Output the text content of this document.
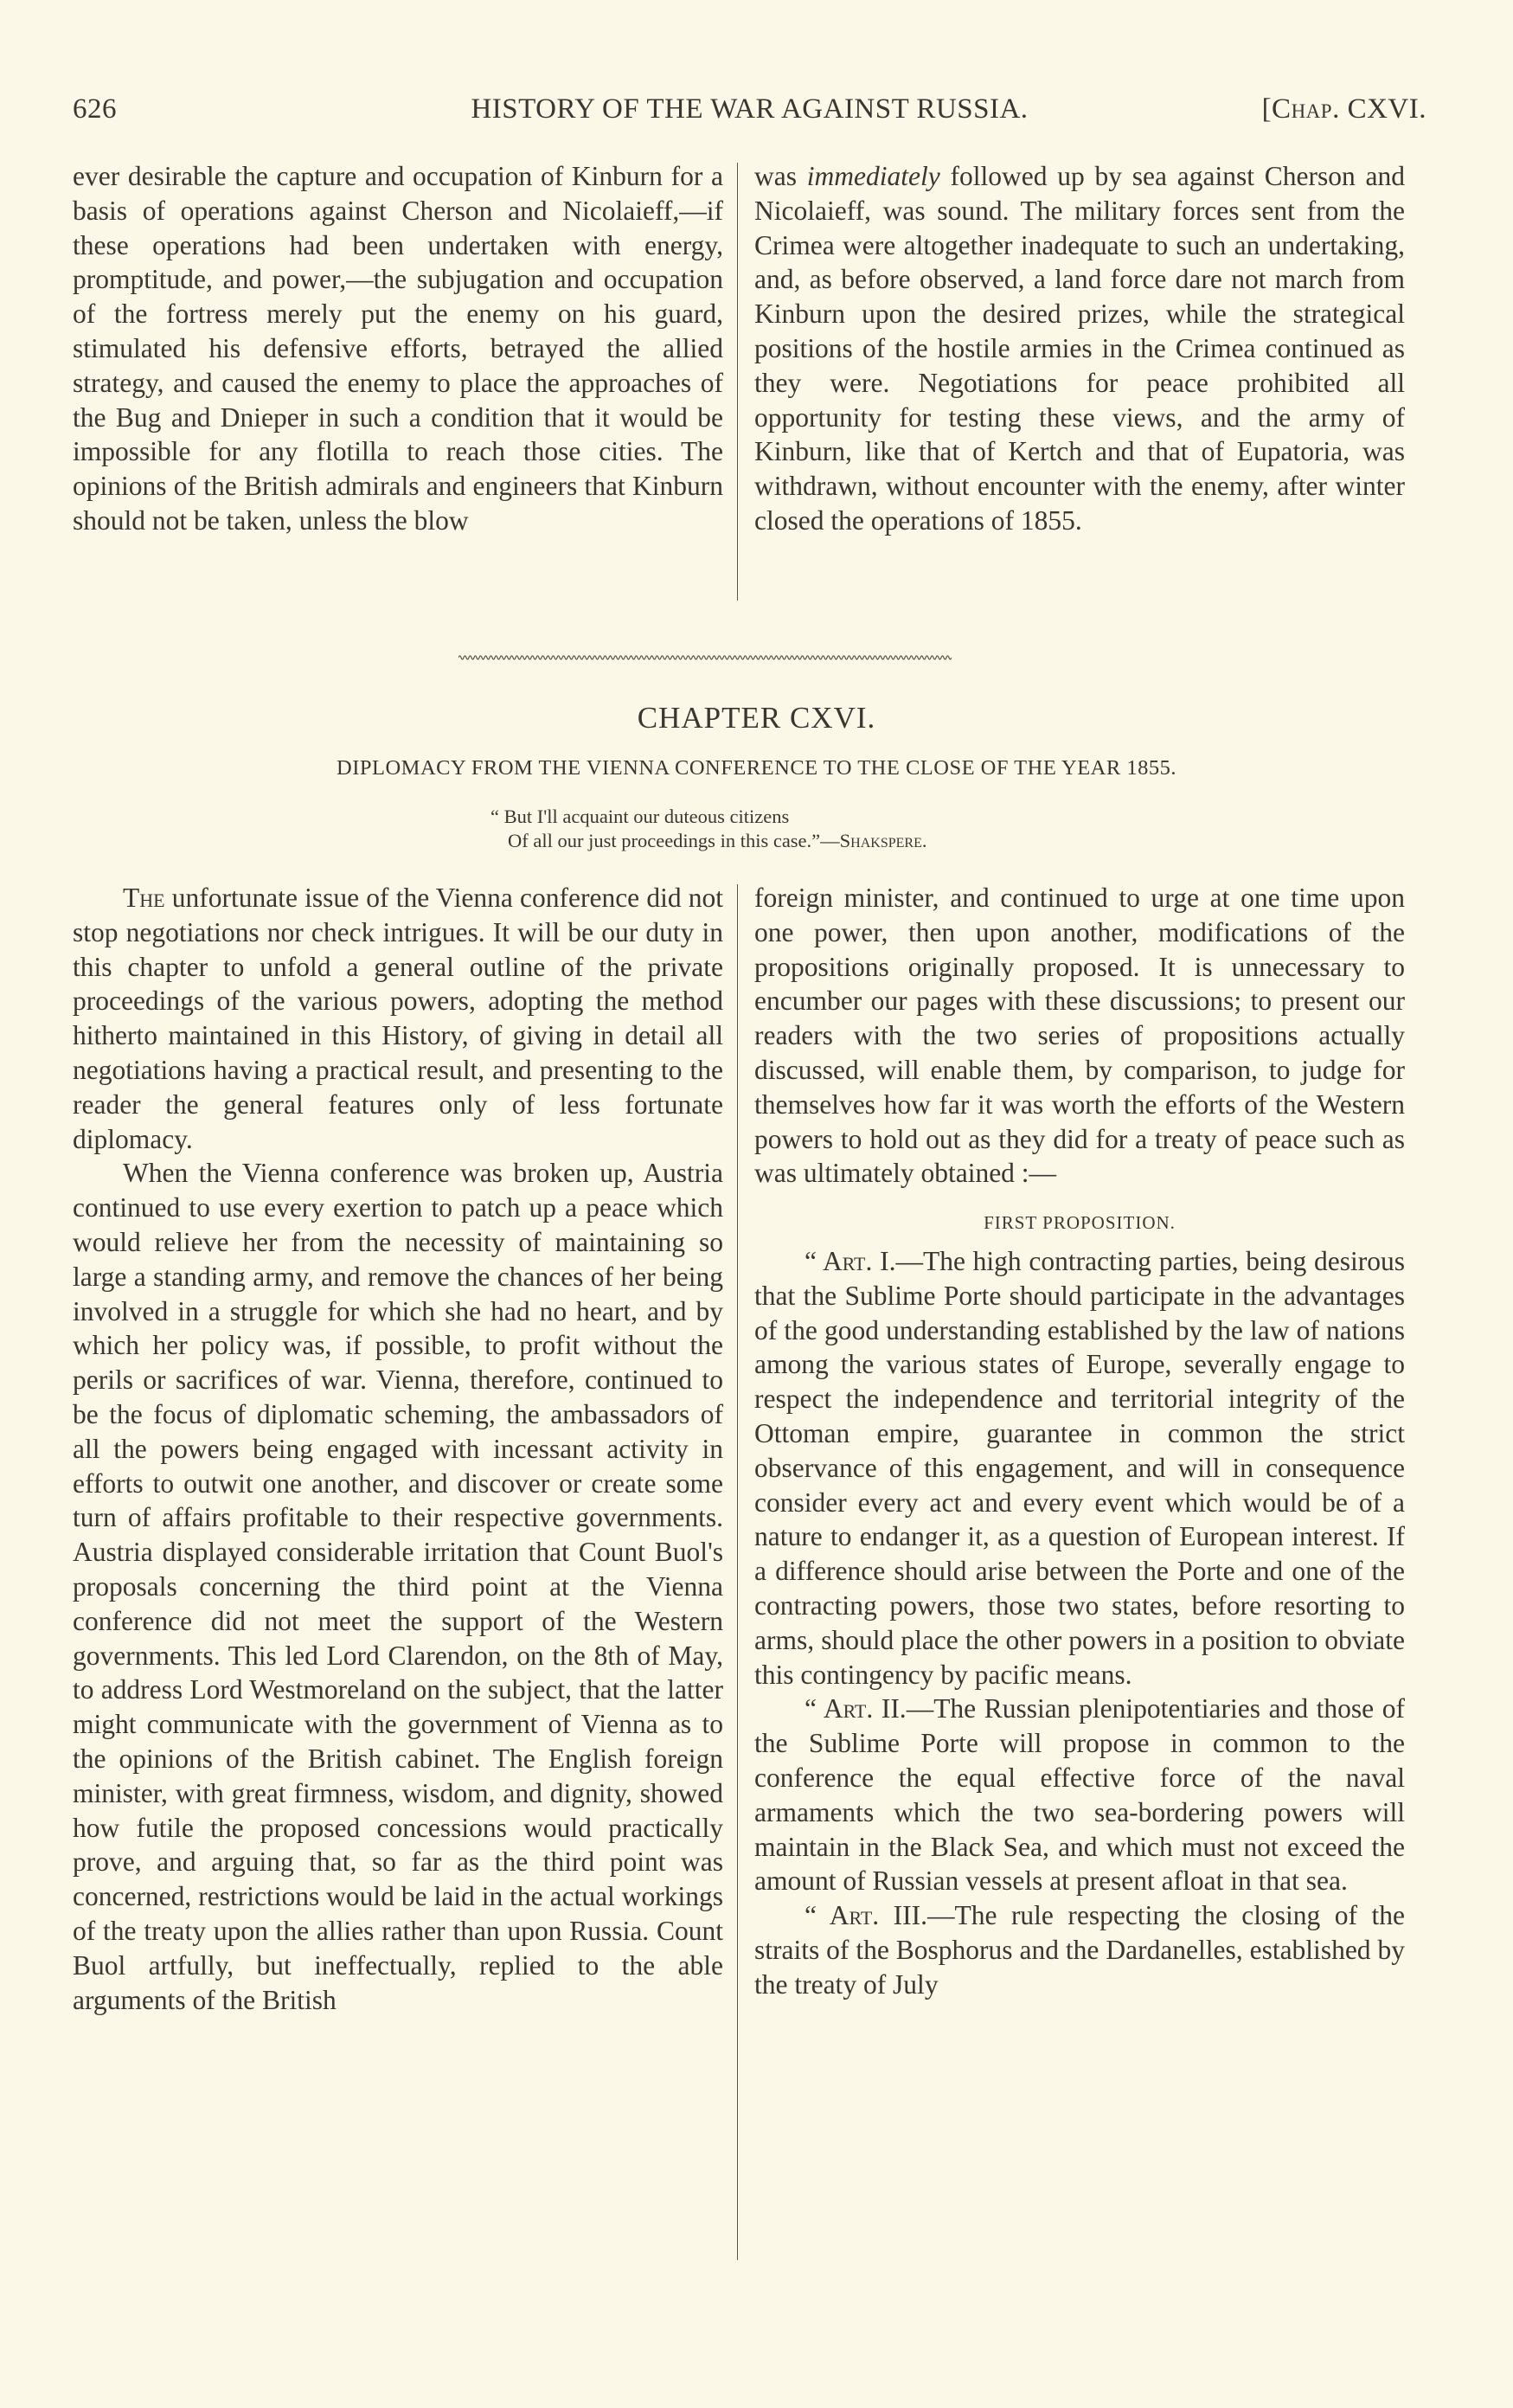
626	HISTORY OF THE WAR AGAINST RUSSIA.	[Chap. CXVI.

ever desirable the capture and occupation of Kinburn for a basis of operations against Cherson and Nicolaieff,—if these operations had been undertaken with energy, promptitude, and power,—the subjugation and occupation of the fortress merely put the enemy on his guard, stimulated his defensive efforts, betrayed the allied strategy, and caused the enemy to place the approaches of the Bug and Dnieper in such a condition that it would be impossible for any flotilla to reach those cities. The opinions of the British admirals and engineers that Kinburn should not be taken, unless the blow

was immediately followed up by sea against Cherson and Nicolaieff, was sound. The military forces sent from the Crimea were altogether inadequate to such an undertaking, and, as before observed, a land force dare not march from Kinburn upon the desired prizes, while the strategical positions of the hostile armies in the Crimea continued as they were. Negotiations for peace prohibited all opportunity for testing these views, and the army of Kinburn, like that of Kertch and that of Eupatoria, was withdrawn, without encounter with the enemy, after winter closed the operations of 1855.

CHAPTER CXVI.
DIPLOMACY FROM THE VIENNA CONFERENCE TO THE CLOSE OF THE YEAR 1855.
“ But I'll acquaint our duteous citizens
Of all our just proceedings in this case.”—Shakspere.

The unfortunate issue of the Vienna conference did not stop negotiations nor check intrigues. It will be our duty in this chapter to unfold a general outline of the private proceedings of the various powers, adopting the method hitherto maintained in this History, of giving in detail all negotiations having a practical result, and presenting to the reader the general features only of less fortunate diplomacy.

When the Vienna conference was broken up, Austria continued to use every exertion to patch up a peace which would relieve her from the necessity of maintaining so large a standing army, and remove the chances of her being involved in a struggle for which she had no heart, and by which her policy was, if possible, to profit without the perils or sacrifices of war. Vienna, therefore, continued to be the focus of diplomatic scheming, the ambassadors of all the powers being engaged with incessant activity in efforts to outwit one another, and discover or create some turn of affairs profitable to their respective governments. Austria displayed considerable irritation that Count Buol's proposals concerning the third point at the Vienna conference did not meet the support of the Western governments. This led Lord Clarendon, on the 8th of May, to address Lord Westmoreland on the subject, that the latter might communicate with the government of Vienna as to the opinions of the British cabinet. The English foreign minister, with great firmness, wisdom, and dignity, showed how futile the proposed concessions would practically prove, and arguing that, so far as the third point was concerned, restrictions would be laid in the actual workings of the treaty upon the allies rather than upon Russia. Count Buol artfully, but ineffectually, replied to the able arguments of the British

foreign minister, and continued to urge at one time upon one power, then upon another, modifications of the propositions originally proposed. It is unnecessary to encumber our pages with these discussions; to present our readers with the two series of propositions actually discussed, will enable them, by comparison, to judge for themselves how far it was worth the efforts of the Western powers to hold out as they did for a treaty of peace such as was ultimately obtained :—

FIRST PROPOSITION.

“ Art. I.—The high contracting parties, being desirous that the Sublime Porte should participate in the advantages of the good understanding established by the law of nations among the various states of Europe, severally engage to respect the independence and territorial integrity of the Ottoman empire, guarantee in common the strict observance of this engagement, and will in consequence consider every act and every event which would be of a nature to endanger it, as a question of European interest. If a difference should arise between the Porte and one of the contracting powers, those two states, before resorting to arms, should place the other powers in a position to obviate this contingency by pacific means.

“ Art. II.—The Russian plenipotentiaries and those of the Sublime Porte will propose in common to the conference the equal effective force of the naval armaments which the two sea-bordering powers will maintain in the Black Sea, and which must not exceed the amount of Russian vessels at present afloat in that sea.

“ Art. III.—The rule respecting the closing of the straits of the Bosphorus and the Dardanelles, established by the treaty of July
